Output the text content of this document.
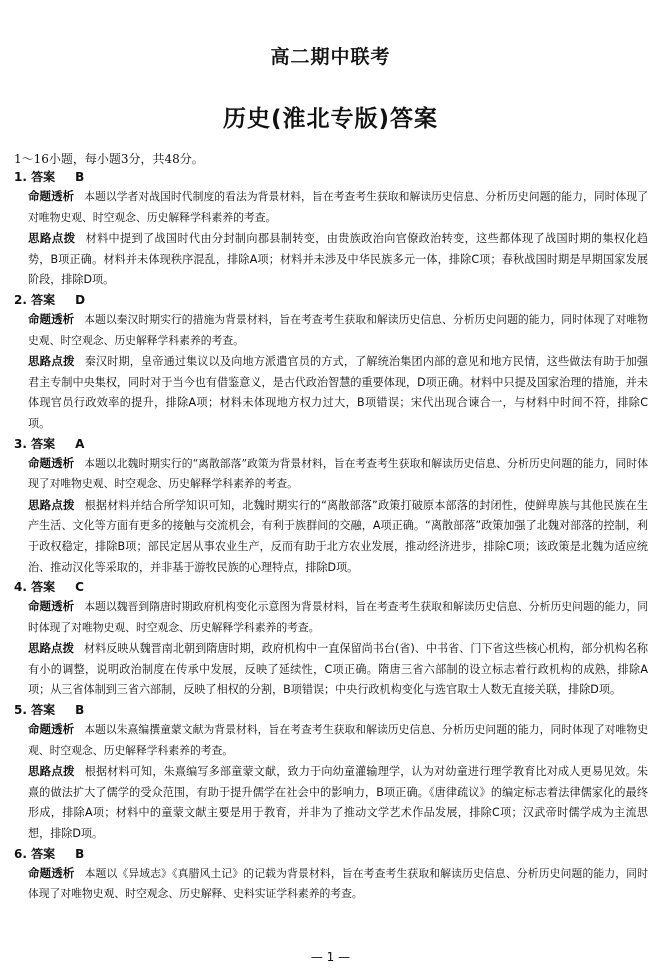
高二期中联考
历史(淮北专版)答案
1～16小题，每小题3分，共48分。
1. 答案 B

命题透析 本题以学者对战国时代制度的看法为背景材料，旨在考查考生获取和解读历史信息、分析历史问题的能力，同时体现了对唯物史观、时空观念、历史解释学科素养的考查。

思路点拨 材料中提到了战国时代由分封制向郡县制转变，由贵族政治向官僚政治转变，这些都体现了战国时期的集权化趋势，B项正确。材料并未体现秩序混乱，排除A项；材料并未涉及中华民族多元一体，排除C项；春秋战国时期是早期国家发展阶段，排除D项。

2. 答案 D

命题透析 本题以秦汉时期实行的措施为背景材料，旨在考查考生获取和解读历史信息、分析历史问题的能力，同时体现了对唯物史观、时空观念、历史解释学科素养的考查。

思路点拨 秦汉时期，皇帝通过集议以及向地方派遣官员的方式，了解统治集团内部的意见和地方民情，这些做法有助于加强君主专制中央集权，同时对于当今也有借鉴意义，是古代政治智慧的重要体现，D项正确。材料中只提及国家治理的措施，并未体现官员行政效率的提升，排除A项；材料未体现地方权力过大，B项错误；宋代出现合谏合一，与材料中时间不符，排除C项。

3. 答案 A

命题透析 本题以北魏时期实行的“离散部落”政策为背景材料，旨在考查考生获取和解读历史信息、分析历史问题的能力，同时体现了对唯物史观、时空观念、历史解释学科素养的考查。

思路点拨 根据材料并结合所学知识可知，北魏时期实行的“离散部落”政策打破原本部落的封闭性，使鲜卑族与其他民族在生产生活、文化等方面有更多的接触与交流机会，有利于族群间的交融，A项正确。“离散部落”政策加强了北魏对部落的控制，利于政权稳定，排除B项；部民定居从事农业生产，反而有助于北方农业发展，推动经济进步，排除C项；该政策是北魏为适应统治、推动汉化等采取的，并非基于游牧民族的心理特点，排除D项。

4. 答案 C

命题透析 本题以魏晋到隋唐时期政府机构变化示意图为背景材料，旨在考查考生获取和解读历史信息、分析历史问题的能力，同时体现了对唯物史观、时空观念、历史解释学科素养的考查。

思路点拨 材料反映从魏晋南北朝到隋唐时期，政府机构中一直保留尚书台(省)、中书省、门下省这些核心机构，部分机构名称有小的调整，说明政治制度在传承中发展，反映了延续性，C项正确。隋唐三省六部制的设立标志着行政机构的成熟，排除A项；从三省体制到三省六部制，反映了相权的分割，B项错误；中央行政机构变化与选官取士人数无直接关联，排除D项。

5. 答案 B

命题透析 本题以朱熹编撰童蒙文献为背景材料，旨在考查考生获取和解读历史信息、分析历史问题的能力，同时体现了对唯物史观、时空观念、历史解释学科素养的考查。

思路点拨 根据材料可知，朱熹编写多部童蒙文献，致力于向幼童灌输理学，认为对幼童进行理学教育比对成人更易见效。朱熹的做法扩大了儒学的受众范围，有助于提升儒学在社会中的影响力，B项正确。《唐律疏议》的编定标志着法律儒家化的最终形成，排除A项；材料中的童蒙文献主要是用于教育，并非为了推动文学艺术作品发展，排除C项；汉武帝时儒学成为主流思想，排除D项。

6. 答案 B

命题透析 本题以《异域志》《真腊风土记》的记载为背景材料，旨在考查考生获取和解读历史信息、分析历史问题的能力，同时体现了对唯物史观、时空观念、历史解释、史料实证学科素养的考查。

— 1 —
